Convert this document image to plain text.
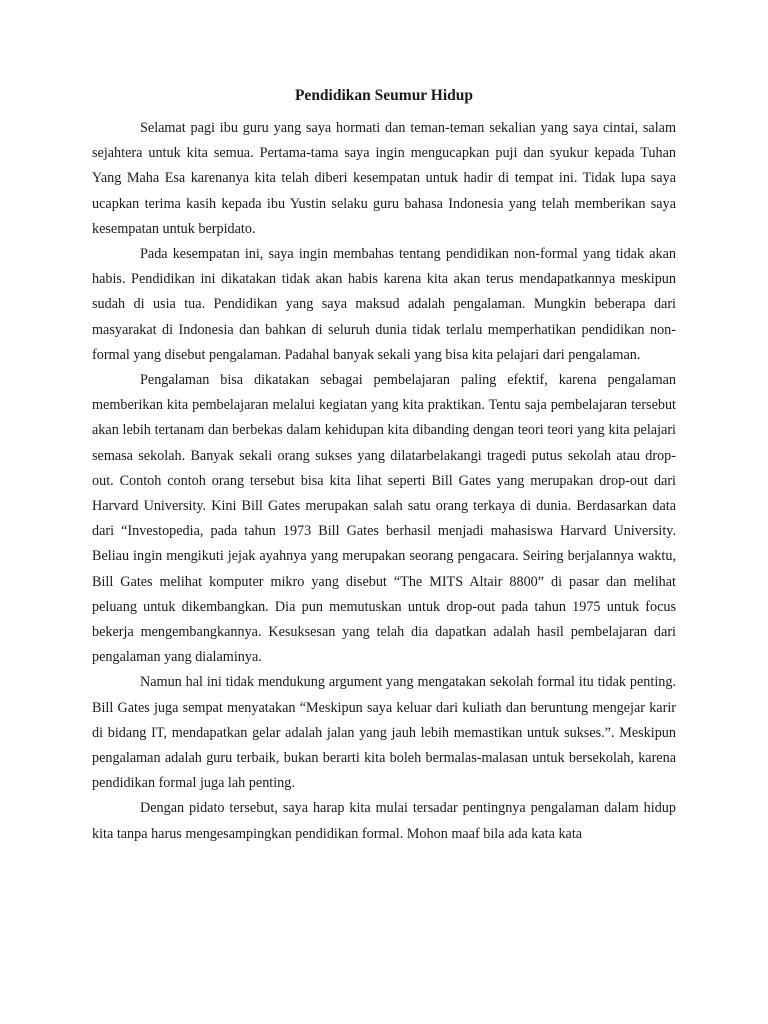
Pendidikan Seumur Hidup

Selamat pagi ibu guru yang saya hormati dan teman-teman sekalian yang saya cintai, salam sejahtera untuk kita semua. Pertama-tama saya ingin mengucapkan puji dan syukur kepada Tuhan Yang Maha Esa karenanya kita telah diberi kesempatan untuk hadir di tempat ini. Tidak lupa saya ucapkan terima kasih kepada ibu Yustin selaku guru bahasa Indonesia yang telah memberikan saya kesempatan untuk berpidato.

Pada kesempatan ini, saya ingin membahas tentang pendidikan non-formal yang tidak akan habis. Pendidikan ini dikatakan tidak akan habis karena kita akan terus mendapatkannya meskipun sudah di usia tua. Pendidikan yang saya maksud adalah pengalaman. Mungkin beberapa dari masyarakat di Indonesia dan bahkan di seluruh dunia tidak terlalu memperhatikan pendidikan non-formal yang disebut pengalaman. Padahal banyak sekali yang bisa kita pelajari dari pengalaman.

Pengalaman bisa dikatakan sebagai pembelajaran paling efektif, karena pengalaman memberikan kita pembelajaran melalui kegiatan yang kita praktikan. Tentu saja pembelajaran tersebut akan lebih tertanam dan berbekas dalam kehidupan kita dibanding dengan teori teori yang kita pelajari semasa sekolah. Banyak sekali orang sukses yang dilatarbelakangi tragedi putus sekolah atau drop-out. Contoh contoh orang tersebut bisa kita lihat seperti Bill Gates yang merupakan drop-out dari Harvard University. Kini Bill Gates merupakan salah satu orang terkaya di dunia. Berdasarkan data dari “Investopedia, pada tahun 1973 Bill Gates berhasil menjadi mahasiswa Harvard University. Beliau ingin mengikuti jejak ayahnya yang merupakan seorang pengacara. Seiring berjalannya waktu, Bill Gates melihat komputer mikro yang disebut “The MITS Altair 8800” di pasar dan melihat peluang untuk dikembangkan. Dia pun memutuskan untuk drop-out pada tahun 1975 untuk focus bekerja mengembangkannya. Kesuksesan yang telah dia dapatkan adalah hasil pembelajaran dari pengalaman yang dialaminya.

Namun hal ini tidak mendukung argument yang mengatakan sekolah formal itu tidak penting. Bill Gates juga sempat menyatakan “Meskipun saya keluar dari kuliath dan beruntung mengejar karir di bidang IT, mendapatkan gelar adalah jalan yang jauh lebih memastikan untuk sukses.”. Meskipun pengalaman adalah guru terbaik, bukan berarti kita boleh bermalas-malasan untuk bersekolah, karena pendidikan formal juga lah penting.

Dengan pidato tersebut, saya harap kita mulai tersadar pentingnya pengalaman dalam hidup kita tanpa harus mengesampingkan pendidikan formal. Mohon maaf bila ada kata kata
